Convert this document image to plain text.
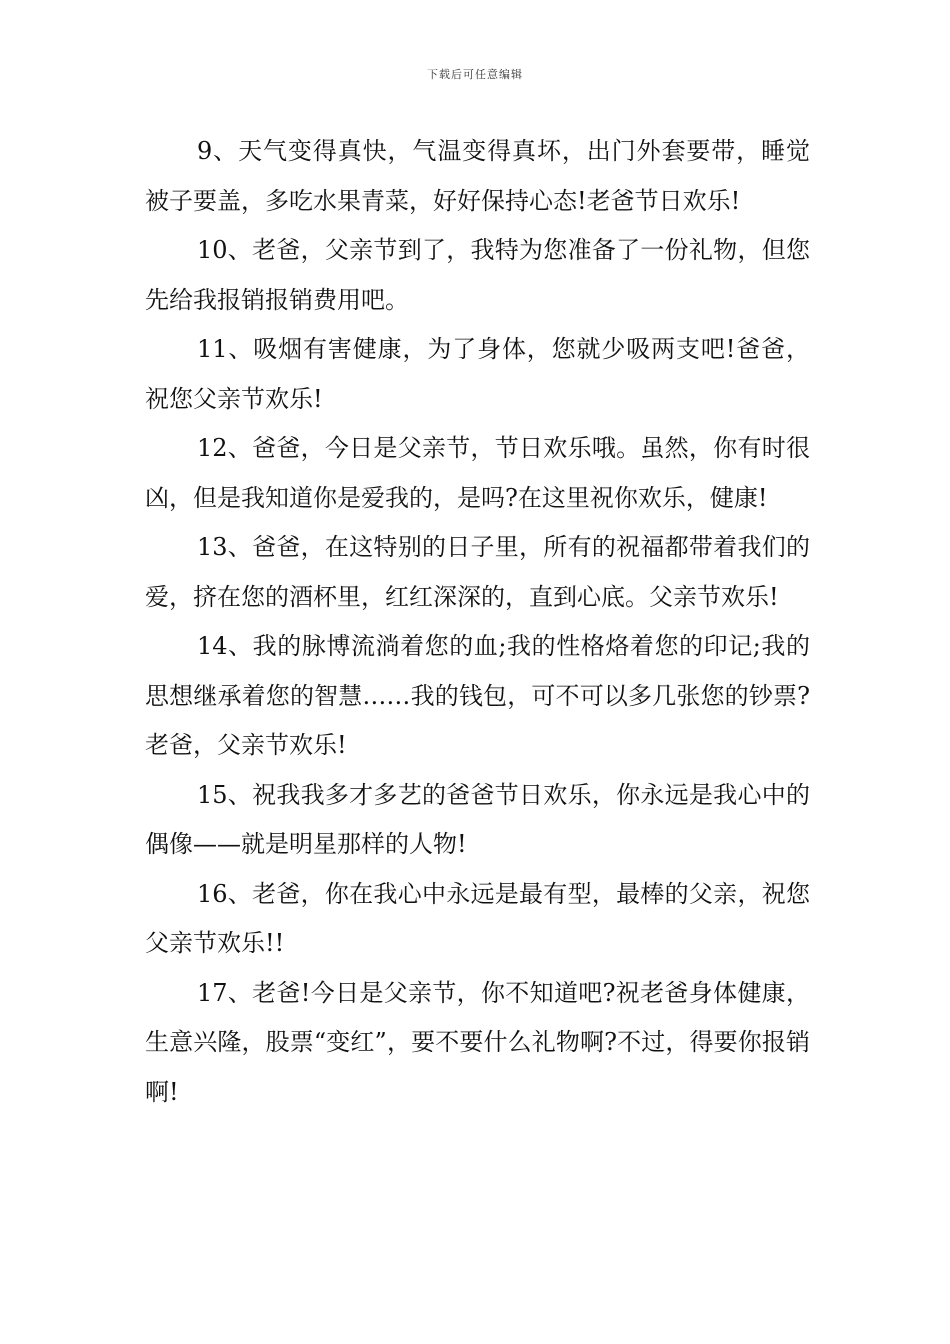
下载后可任意编辑

9、天气变得真快，气温变得真坏，出门外套要带，睡觉被子要盖，多吃水果青菜，好好保持心态!老爸节日欢乐!

10、老爸，父亲节到了，我特为您准备了一份礼物，但您先给我报销报销费用吧。

11、吸烟有害健康，为了身体，您就少吸两支吧!爸爸，祝您父亲节欢乐!

12、爸爸，今日是父亲节，节日欢乐哦。虽然，你有时很凶，但是我知道你是爱我的，是吗?在这里祝你欢乐，健康!

13、爸爸，在这特别的日子里，所有的祝福都带着我们的爱，挤在您的酒杯里，红红深深的，直到心底。父亲节欢乐!

14、我的脉博流淌着您的血;我的性格烙着您的印记;我的思想继承着您的智慧……我的钱包，可不可以多几张您的钞票?老爸，父亲节欢乐!

15、祝我我多才多艺的爸爸节日欢乐，你永远是我心中的偶像——就是明星那样的人物!

16、老爸，你在我心中永远是最有型，最棒的父亲，祝您父亲节欢乐!!

17、老爸!今日是父亲节，你不知道吧?祝老爸身体健康，生意兴隆，股票“变红”，要不要什么礼物啊?不过，得要你报销啊!
